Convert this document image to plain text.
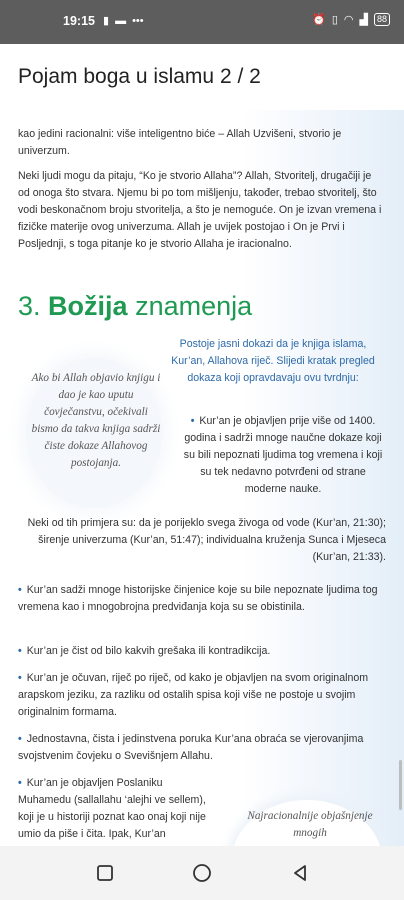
19:15 ▮ ▬ •••	⏰ ▯ ◠ ▟	88
Pojam boga u islamu 2 / 2
kao jedini racionalni: više inteligentno biće – Allah Uzvišeni, stvorio je univerzum.
Neki ljudi mogu da pitaju, “Ko je stvorio Allaha”? Allah, Stvoritelj, drugačiji je od onoga što stvara. Njemu bi po tom mišljenju, također, trebao stvoritelj, što vodi beskonačnom broju stvoritelja, a što je nemoguće. On je izvan vremena i fizičke materije ovog univerzuma. Allah je uvijek postojao i On je Prvi i Posljednji, s toga pitanje ko je stvorio Allaha je iracionalno.
3. Božija znamenja
Postoje jasni dokazi da je knjiga islama, Kur’an, Allahova riječ. Slijedi kratak pregled dokaza koji opravdavaju ovu tvrdnju:
Ako bi Allah objavio knjigu i dao je kao uputu čovječanstvu, očekivali bismo da takva knjiga sadrži čiste dokaze Allahovog postojanja.
• Kur’an je objavljen prije više od 1400. godina i sadrži mnoge naučne dokaze koji su bili nepoznati ljudima tog vremena i koji su tek nedavno potvrđeni od strane moderne nauke.
Neki od tih primjera su: da je porijeklo svega živoga od vode (Kur’an, 21:30); širenje univerzuma (Kur’an, 51:47); individualna kruženja Sunca i Mjeseca (Kur’an, 21:33).
• Kur’an sadži mnoge historijske činjenice koje su bile nepoznate ljudima tog vremena kao i mnogobrojna predviđanja koja su se obistinila.
• Kur’an je čist od bilo kakvih grešaka ili kontradikcija.
• Kur’an je očuvan, riječ po riječ, od kako je objavljen na svom originalnom arapskom jeziku, za razliku od ostalih spisa koji više ne postoje u svojim originalnim formama.
• Jednostavna, čista i jedinstvena poruka Kur’ana obraća se vjerovanjima svojstvenim čovjeku o Svevišnjem Allahu.
• Kur’an je objavljen Poslaniku Muhamedu (sallallahu ‘alejhi ve sellem), koji je u historiji poznat kao onaj koji nije umio da piše i čita. Ipak, Kur’an
Najracionalnije objašnjenje mnogih
